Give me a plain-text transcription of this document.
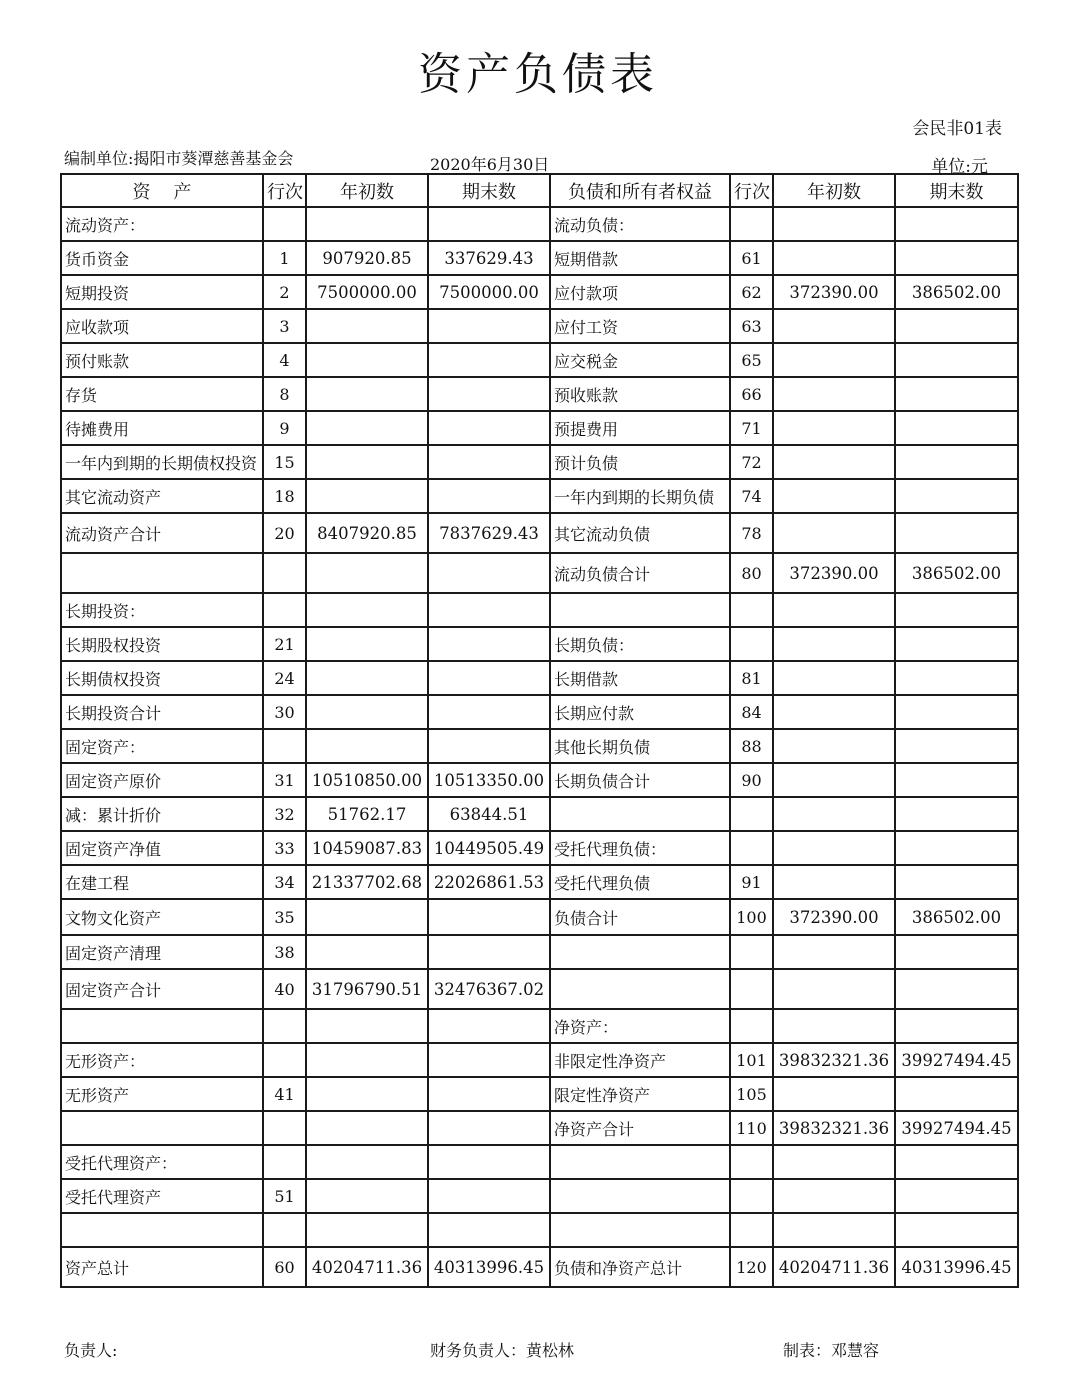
资产负债表
会民非01表
编制单位:揭阳市葵潭慈善基金会	2020年6月30日	单位:元
资    产	行次	年初数	期末数	负债和所有者权益	行次	年初数	期末数
流动资产：				流动负债：			
货币资金	1	907920.85	337629.43	短期借款	61		
短期投资	2	7500000.00	7500000.00	应付款项	62	372390.00	386502.00
应收款项	3			应付工资	63		
预付账款	4			应交税金	65		
存货	8			预收账款	66		
待摊费用	9			预提费用	71		
一年内到期的长期债权投资	15			预计负债	72		
其它流动资产	18			一年内到期的长期负债	74		
流动资产合计	20	8407920.85	7837629.43	其它流动负债	78		
				流动负债合计	80	372390.00	386502.00
长期投资：							
长期股权投资	21			长期负债：			
长期债权投资	24			长期借款	81		
长期投资合计	30			长期应付款	84		
固定资产：				其他长期负债	88		
固定资产原价	31	10510850.00	10513350.00	长期负债合计	90		
减：累计折价	32	51762.17	63844.51				
固定资产净值	33	10459087.83	10449505.49	受托代理负债：			
在建工程	34	21337702.68	22026861.53	受托代理负债	91		
文物文化资产	35			负债合计	100	372390.00	386502.00
固定资产清理	38						
固定资产合计	40	31796790.51	32476367.02				
				净资产：			
无形资产：				非限定性净资产	101	39832321.36	39927494.45
无形资产	41			限定性净资产	105		
				净资产合计	110	39832321.36	39927494.45
受托代理资产：							
受托代理资产	51						

资产总计	60	40204711.36	40313996.45	负债和净资产总计	120	40204711.36	40313996.45
负责人:	财务负责人：黄松林	制表：邓慧容
